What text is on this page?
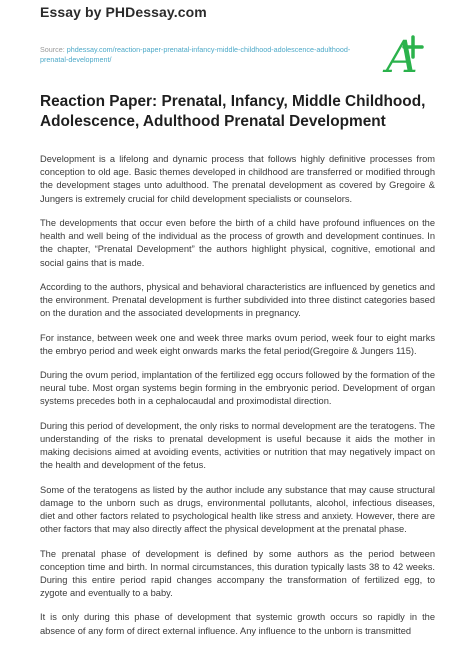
Essay by PHDessay.com
Source: phdessay.com/reaction-paper-prenatal-infancy-middle-childhood-adolescence-adulthood-prenatal-development/	A
Reaction Paper: Prenatal, Infancy, Middle Childhood, Adolescence, Adulthood Prenatal Development

Development is a lifelong and dynamic process that follows highly definitive processes from conception to old age. Basic themes developed in childhood are transferred or modified through the development stages unto adulthood. The prenatal development as covered by Gregoire & Jungers is extremely crucial for child development specialists or counselors.

The developments that occur even before the birth of a child have profound influences on the health and well being of the individual as the process of growth and development continues. In the chapter, “Prenatal Development” the authors highlight physical, cognitive, emotional and social gains that is made.

According to the authors, physical and behavioral characteristics are influenced by genetics and the environment. Prenatal development is further subdivided into three distinct categories based on the duration and the associated developments in pregnancy.

For instance, between week one and week three marks ovum period, week four to eight marks the embryo period and week eight onwards marks the fetal period(Gregoire & Jungers 115).

During the ovum period, implantation of the fertilized egg occurs followed by the formation of the neural tube. Most organ systems begin forming in the embryonic period. Development of organ systems precedes both in a cephalocaudal and proximodistal direction.

During this period of development, the only risks to normal development are the teratogens. The understanding of the risks to prenatal development is useful because it aids the mother in making decisions aimed at avoiding events, activities or nutrition that may negatively impact on the health and development of the fetus.

Some of the teratogens as listed by the author include any substance that may cause structural damage to the unborn such as drugs, environmental pollutants, alcohol, infectious diseases, diet and other factors related to psychological health like stress and anxiety. However, there are other factors that may also directly affect the physical development at the prenatal phase.

The prenatal phase of development is defined by some authors as the period between conception time and birth. In normal circumstances, this duration typically lasts 38 to 42 weeks. During this entire period rapid changes accompany the transformation of fertilized egg, to zygote and eventually to a baby.

It is only during this phase of development that systemic growth occurs so rapidly in the absence of any form of direct external influence. Any influence to the unborn is transmitted
